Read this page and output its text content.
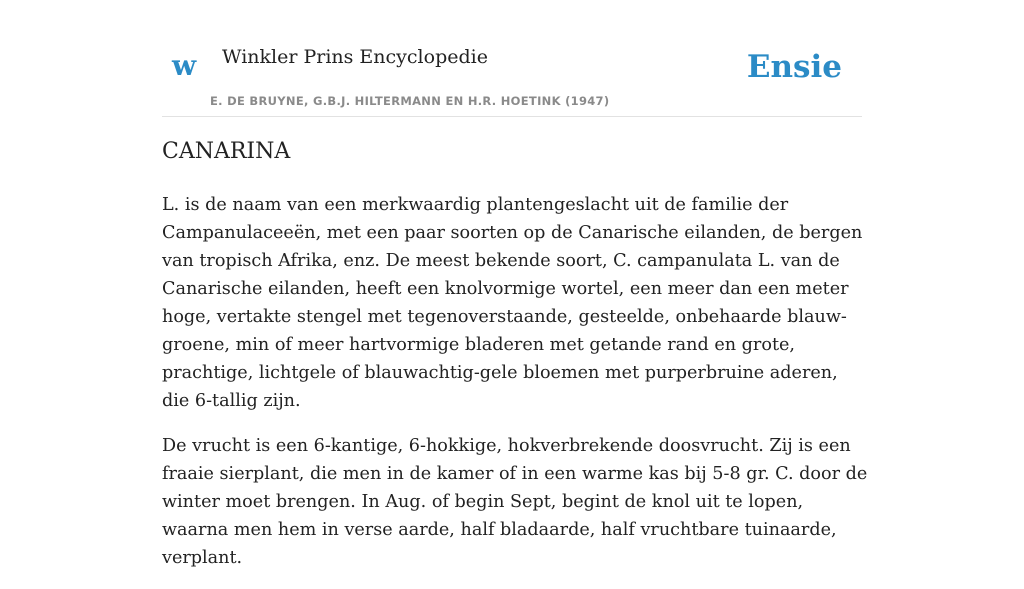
w Winkler Prins Encyclopedie
E. DE BRUYNE, G.B.J. HILTERMANN EN H.R. HOETINK (1947)
Ensie
CANARINA

L. is de naam van een merkwaardig plantengeslacht uit de familie der Campanulaceeën, met een paar soorten op de Canarische eilanden, de bergen van tropisch Afrika, enz. De meest bekende soort, C. campanulata L. van de Canarische eilanden, heeft een knolvormige wortel, een meer dan een meter hoge, vertakte stengel met tegenoverstaande, gesteelde, onbehaarde blauw-groene, min of meer hartvormige bladeren met getande rand en grote, prachtige, lichtgele of blauwachtig-gele bloemen met purperbruine aderen, die 6-tallig zijn.

De vrucht is een 6-kantige, 6-hokkige, hokverbrekende doosvrucht. Zij is een fraaie sierplant, die men in de kamer of in een warme kas bij 5-8 gr. C. door de winter moet brengen. In Aug. of begin Sept, begint de knol uit te lopen, waarna men hem in verse aarde, half bladaarde, half vruchtbare tuinaarde, verplant.
